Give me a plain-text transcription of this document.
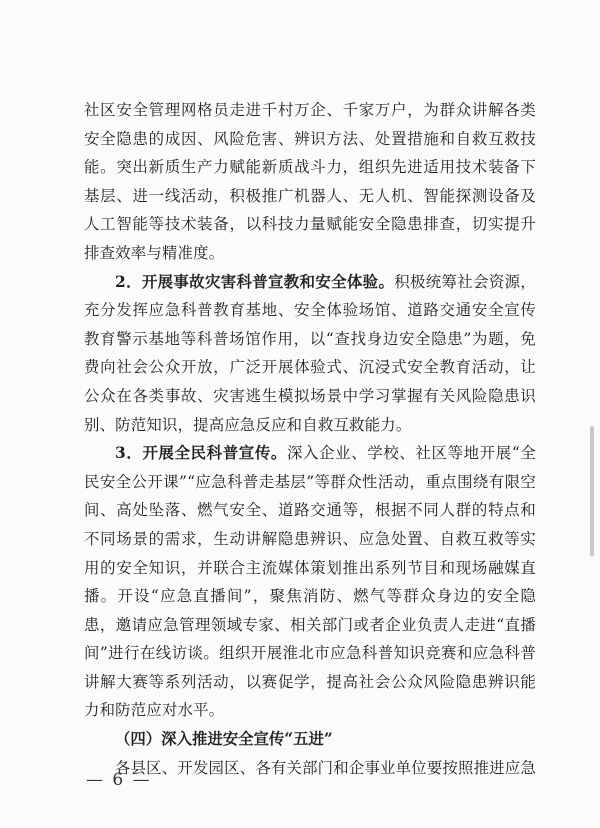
社区安全管理网格员走进千村万企、千家万户，为群众讲解各类安全隐患的成因、风险危害、辨识方法、处置措施和自救互救技能。突出新质生产力赋能新质战斗力，组织先进适用技术装备下基层、进一线活动，积极推广机器人、无人机、智能探测设备及人工智能等技术装备，以科技力量赋能安全隐患排查，切实提升排查效率与精准度。

2．开展事故灾害科普宣教和安全体验。积极统筹社会资源，充分发挥应急科普教育基地、安全体验场馆、道路交通安全宣传教育警示基地等科普场馆作用，以“查找身边安全隐患”为题，免费向社会公众开放，广泛开展体验式、沉浸式安全教育活动，让公众在各类事故、灾害逃生模拟场景中学习掌握有关风险隐患识别、防范知识，提高应急反应和自救互救能力。

3．开展全民科普宣传。深入企业、学校、社区等地开展“全民安全公开课”“应急科普走基层”等群众性活动，重点围绕有限空间、高处坠落、燃气安全、道路交通等，根据不同人群的特点和不同场景的需求，生动讲解隐患辨识、应急处置、自救互救等实用的安全知识，并联合主流媒体策划推出系列节目和现场融媒直播。开设“应急直播间”，聚焦消防、燃气等群众身边的安全隐患，邀请应急管理领域专家、相关部门或者企业负责人走进“直播间”进行在线访谈。组织开展淮北市应急科普知识竞赛和应急科普讲解大赛等系列活动，以赛促学，提高社会公众风险隐患辨识能力和防范应对水平。

（四）深入推进安全宣传“五进”

各县区、开发园区、各有关部门和企事业单位要按照推进应急

— 6 —
